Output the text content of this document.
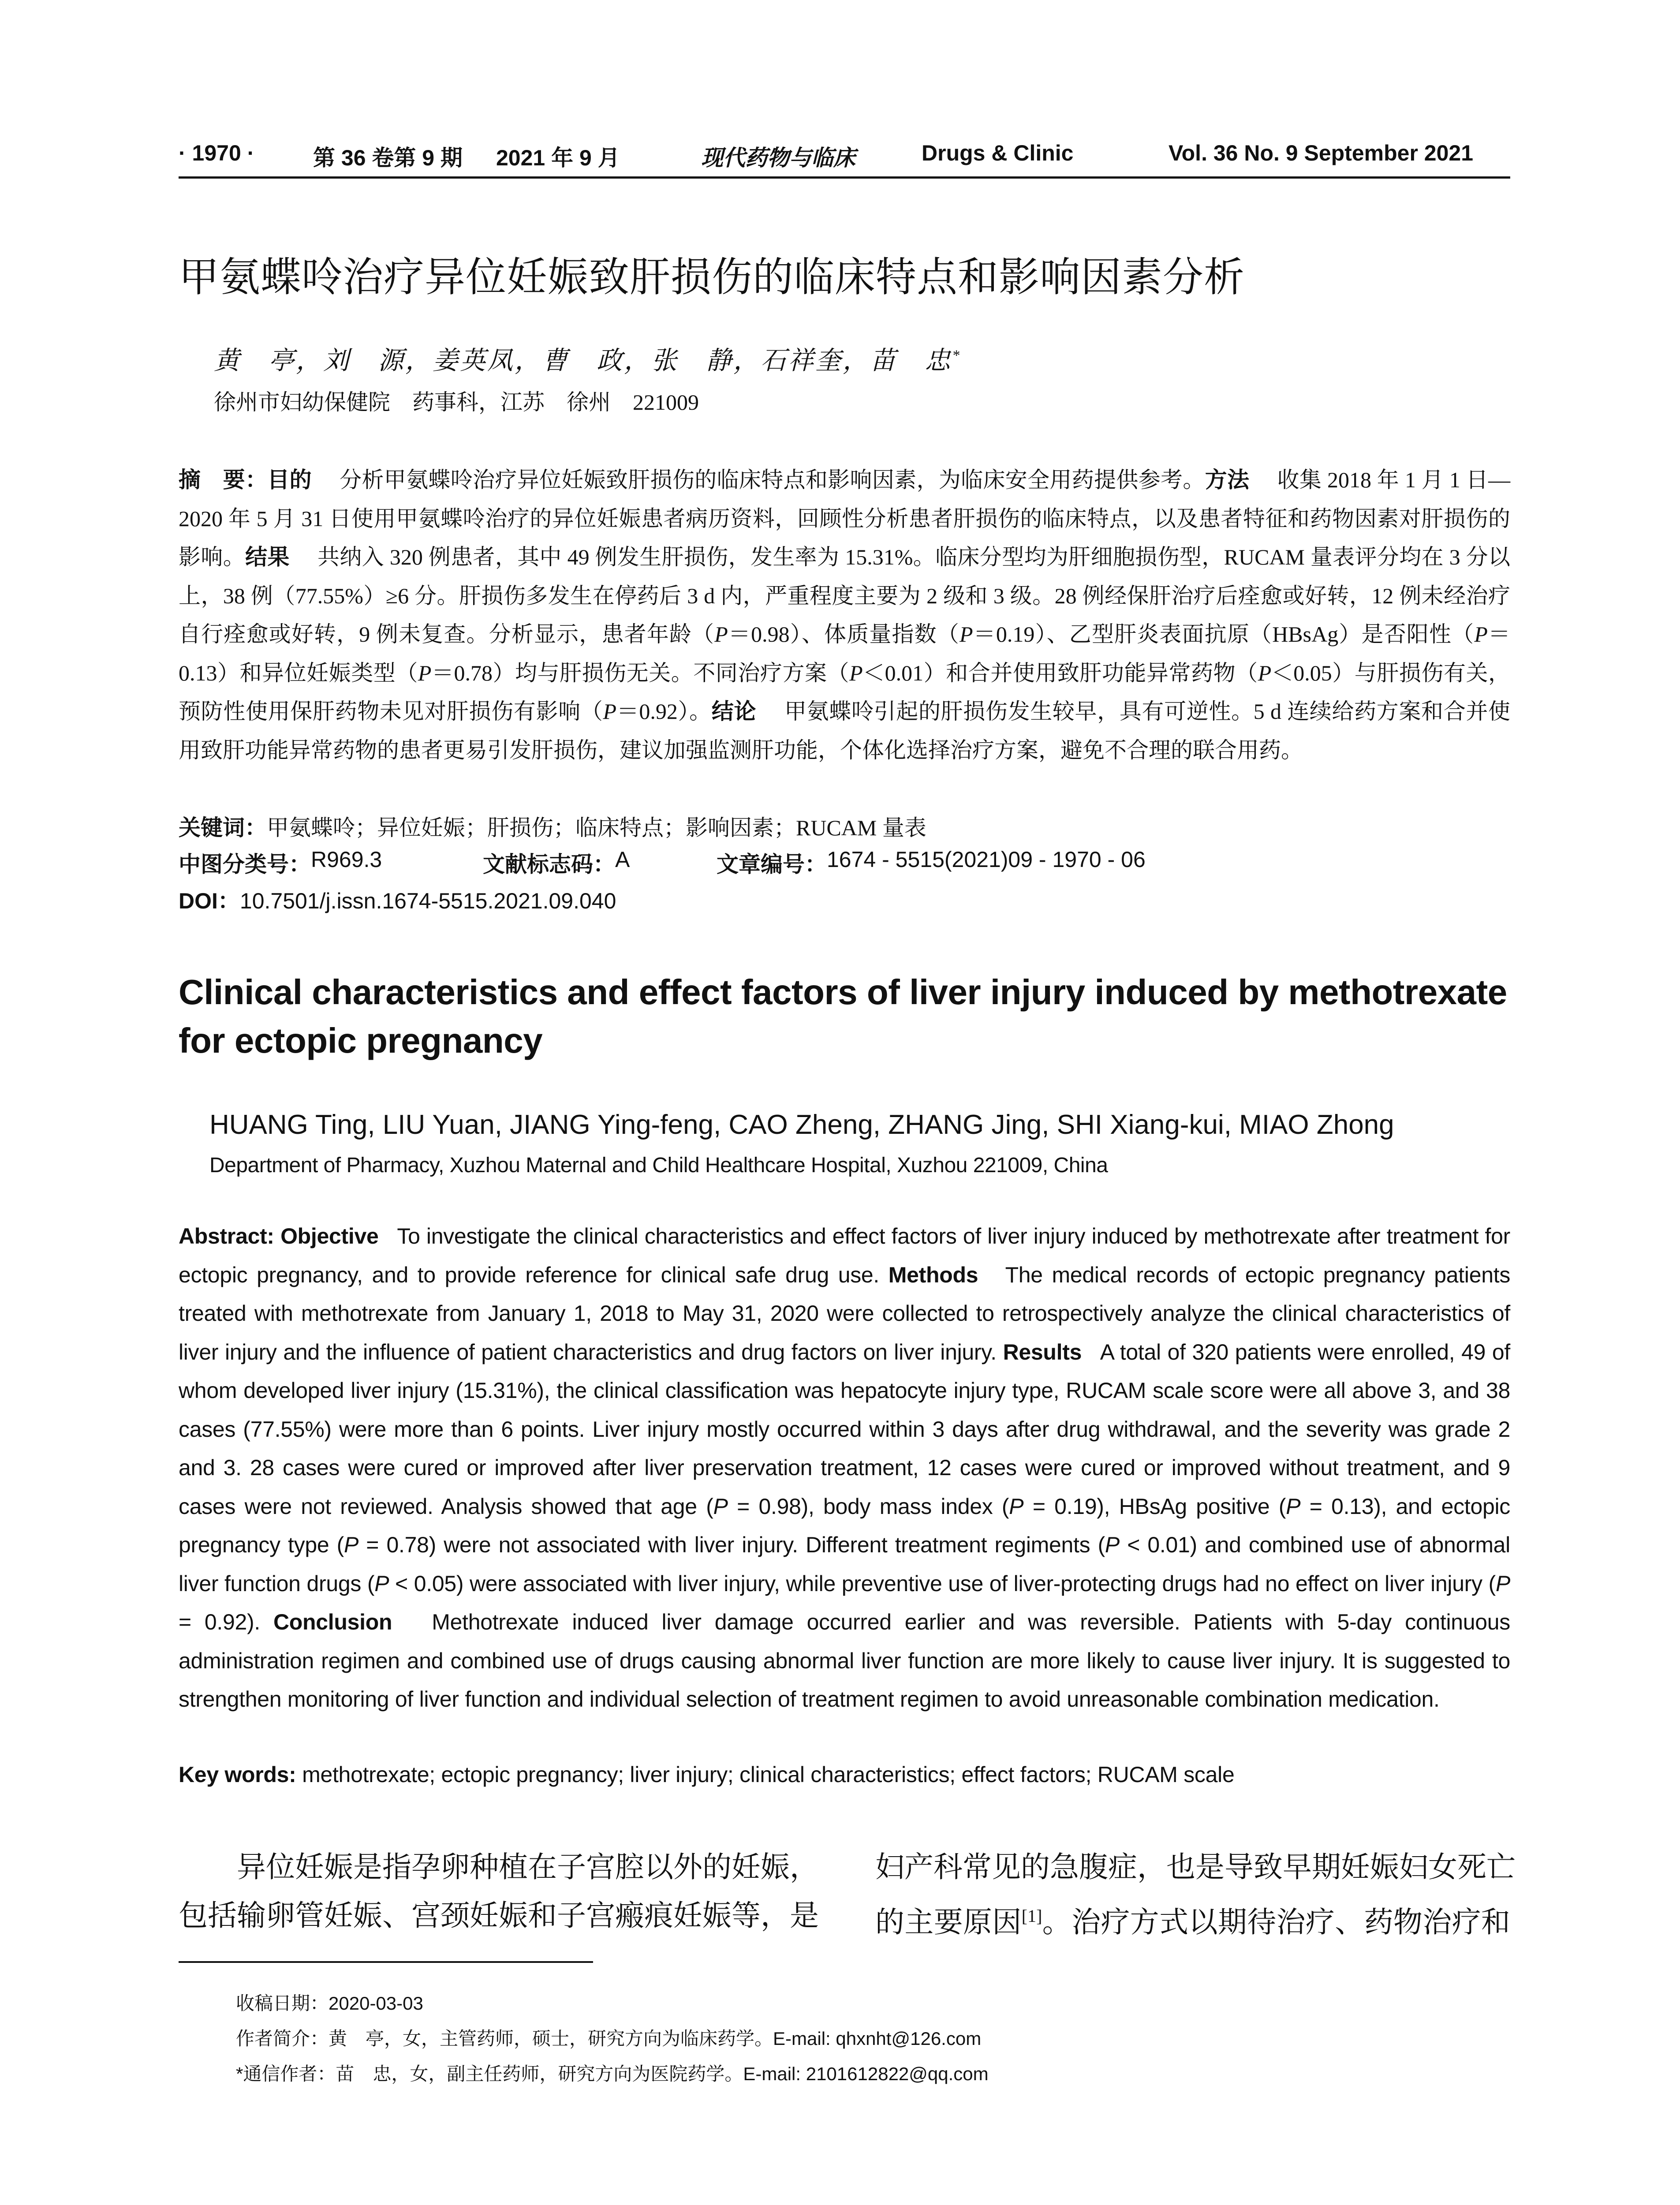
· 1970 ·	第 36 卷第 9 期 2021 年 9 月	现代药物与临床	Drugs & Clinic	Vol. 36 No. 9 September 2021
甲氨蝶呤治疗异位妊娠致肝损伤的临床特点和影响因素分析
黄　亭，刘　源，姜英凤，曹　政，张　静，石祥奎，苗　忠*
徐州市妇幼保健院　药事科，江苏　徐州　221009
摘　要：目的　 分析甲氨蝶呤治疗异位妊娠致肝损伤的临床特点和影响因素，为临床安全用药提供参考。方法　 收集 2018 年 1 月 1 日—2020 年 5 月 31 日使用甲氨蝶呤治疗的异位妊娠患者病历资料，回顾性分析患者肝损伤的临床特点，以及患者特征和药物因素对肝损伤的影响。结果　 共纳入 320 例患者，其中 49 例发生肝损伤，发生率为 15.31%。临床分型均为肝细胞损伤型，RUCAM 量表评分均在 3 分以上，38 例（77.55%）≥6 分。肝损伤多发生在停药后 3 d 内，严重程度主要为 2 级和 3 级。28 例经保肝治疗后痊愈或好转，12 例未经治疗自行痊愈或好转，9 例未复查。分析显示，患者年龄（P＝0.98）、体质量指数（P＝0.19）、乙型肝炎表面抗原（HBsAg）是否阳性（P＝0.13）和异位妊娠类型（P＝0.78）均与肝损伤无关。不同治疗方案（P＜0.01）和合并使用致肝功能异常药物（P＜0.05）与肝损伤有关，预防性使用保肝药物未见对肝损伤有影响（P＝0.92）。结论　 甲氨蝶呤引起的肝损伤发生较早，具有可逆性。5 d 连续给药方案和合并使用致肝功能异常药物的患者更易引发肝损伤，建议加强监测肝功能，个体化选择治疗方案，避免不合理的联合用药。
关键词：甲氨蝶呤；异位妊娠；肝损伤；临床特点；影响因素；RUCAM 量表
中图分类号： R969.3	文献标志码： A	文章编号： 1674 - 5515(2021)09 - 1970 - 06
DOI：10.7501/j.issn.1674-5515.2021.09.040
Clinical characteristics and effect factors of liver injury induced by methotrexate for ectopic pregnancy
HUANG Ting, LIU Yuan, JIANG Ying-feng, CAO Zheng, ZHANG Jing, SHI Xiang-kui, MIAO Zhong
Department of Pharmacy, Xuzhou Maternal and Child Healthcare Hospital, Xuzhou 221009, China
Abstract: Objective To investigate the clinical characteristics and effect factors of liver injury induced by methotrexate after treatment for ectopic pregnancy, and to provide reference for clinical safe drug use. Methods The medical records of ectopic pregnancy patients treated with methotrexate from January 1, 2018 to May 31, 2020 were collected to retrospectively analyze the clinical characteristics of liver injury and the influence of patient characteristics and drug factors on liver injury. Results A total of 320 patients were enrolled, 49 of whom developed liver injury (15.31%), the clinical classification was hepatocyte injury type, RUCAM scale score were all above 3, and 38 cases (77.55%) were more than 6 points. Liver injury mostly occurred within 3 days after drug withdrawal, and the severity was grade 2 and 3. 28 cases were cured or improved after liver preservation treatment, 12 cases were cured or improved without treatment, and 9 cases were not reviewed. Analysis showed that age (P = 0.98), body mass index (P = 0.19), HBsAg positive (P = 0.13), and ectopic pregnancy type (P = 0.78) were not associated with liver injury. Different treatment regiments (P < 0.01) and combined use of abnormal liver function drugs (P < 0.05) were associated with liver injury, while preventive use of liver-protecting drugs had no effect on liver injury (P = 0.92). Conclusion Methotrexate induced liver damage occurred earlier and was reversible. Patients with 5-day continuous administration regimen and combined use of drugs causing abnormal liver function are more likely to cause liver injury. It is suggested to strengthen monitoring of liver function and individual selection of treatment regimen to avoid unreasonable combination medication.
Key words: methotrexate; ectopic pregnancy; liver injury; clinical characteristics; effect factors; RUCAM scale
异位妊娠是指孕卵种植在子宫腔以外的妊娠，
包括输卵管妊娠、宫颈妊娠和子宫瘢痕妊娠等，是
妇产科常见的急腹症，也是导致早期妊娠妇女死亡
的主要原因[1]。治疗方式以期待治疗、药物治疗和
收稿日期：2020-03-03
作者简介：黄　亭，女，主管药师，硕士，研究方向为临床药学。E-mail: qhxnht@126.com
*通信作者：苗　忠，女，副主任药师，研究方向为医院药学。E-mail: 2101612822@qq.com
